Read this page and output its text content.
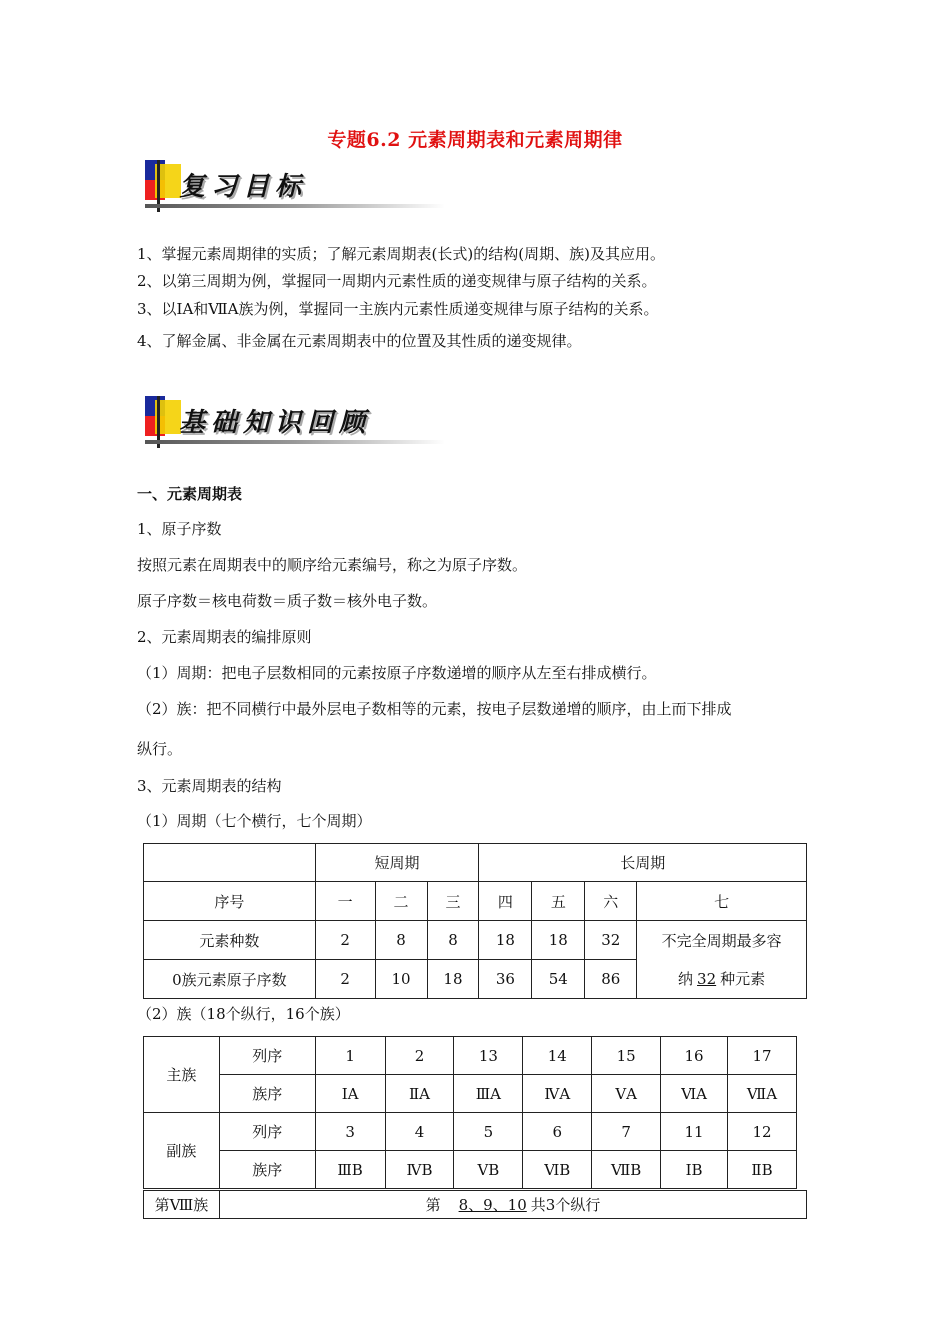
专题6.2 元素周期表和元素周期律
复习目标
1、掌握元素周期律的实质；了解元素周期表(长式)的结构(周期、族)及其应用。
2、以第三周期为例，掌握同一周期内元素性质的递变规律与原子结构的关系。
3、以ⅠA和ⅦA族为例，掌握同一主族内元素性质递变规律与原子结构的关系。
4、了解金属、非金属在元素周期表中的位置及其性质的递变规律。
基础知识回顾
一、元素周期表
1、原子序数
按照元素在周期表中的顺序给元素编号，称之为原子序数。
原子序数＝核电荷数＝质子数＝核外电子数。
2、元素周期表的编排原则
（1）周期：把电子层数相同的元素按原子序数递增的顺序从左至右排成横行。
（2）族：把不同横行中最外层电子数相等的元素，按电子层数递增的顺序，由上而下排成
纵行。
3、元素周期表的结构
（1）周期（七个横行，七个周期）
	短周期			长周期			
序号	一	二	三	四	五	六	七
元素种数	2	8	8	18	18	32	不完全周期最多容
纳 32 种元素

0族元素原子序数	2	10	18	36	54	86	
（2）族（18个纵行，16个族）
主族	列序	1	2	13	14	15	16	17
	族序	ⅠA	ⅡA	ⅢA	ⅣA	ⅤA	ⅥA	ⅦA
副族	列序	3	4	5	6	7	11	12
	族序	ⅢB	ⅣB	ⅤB	ⅥB	ⅦB	ⅠB	ⅡB
第Ⅷ族	第 8、9、10 共3个纵行
